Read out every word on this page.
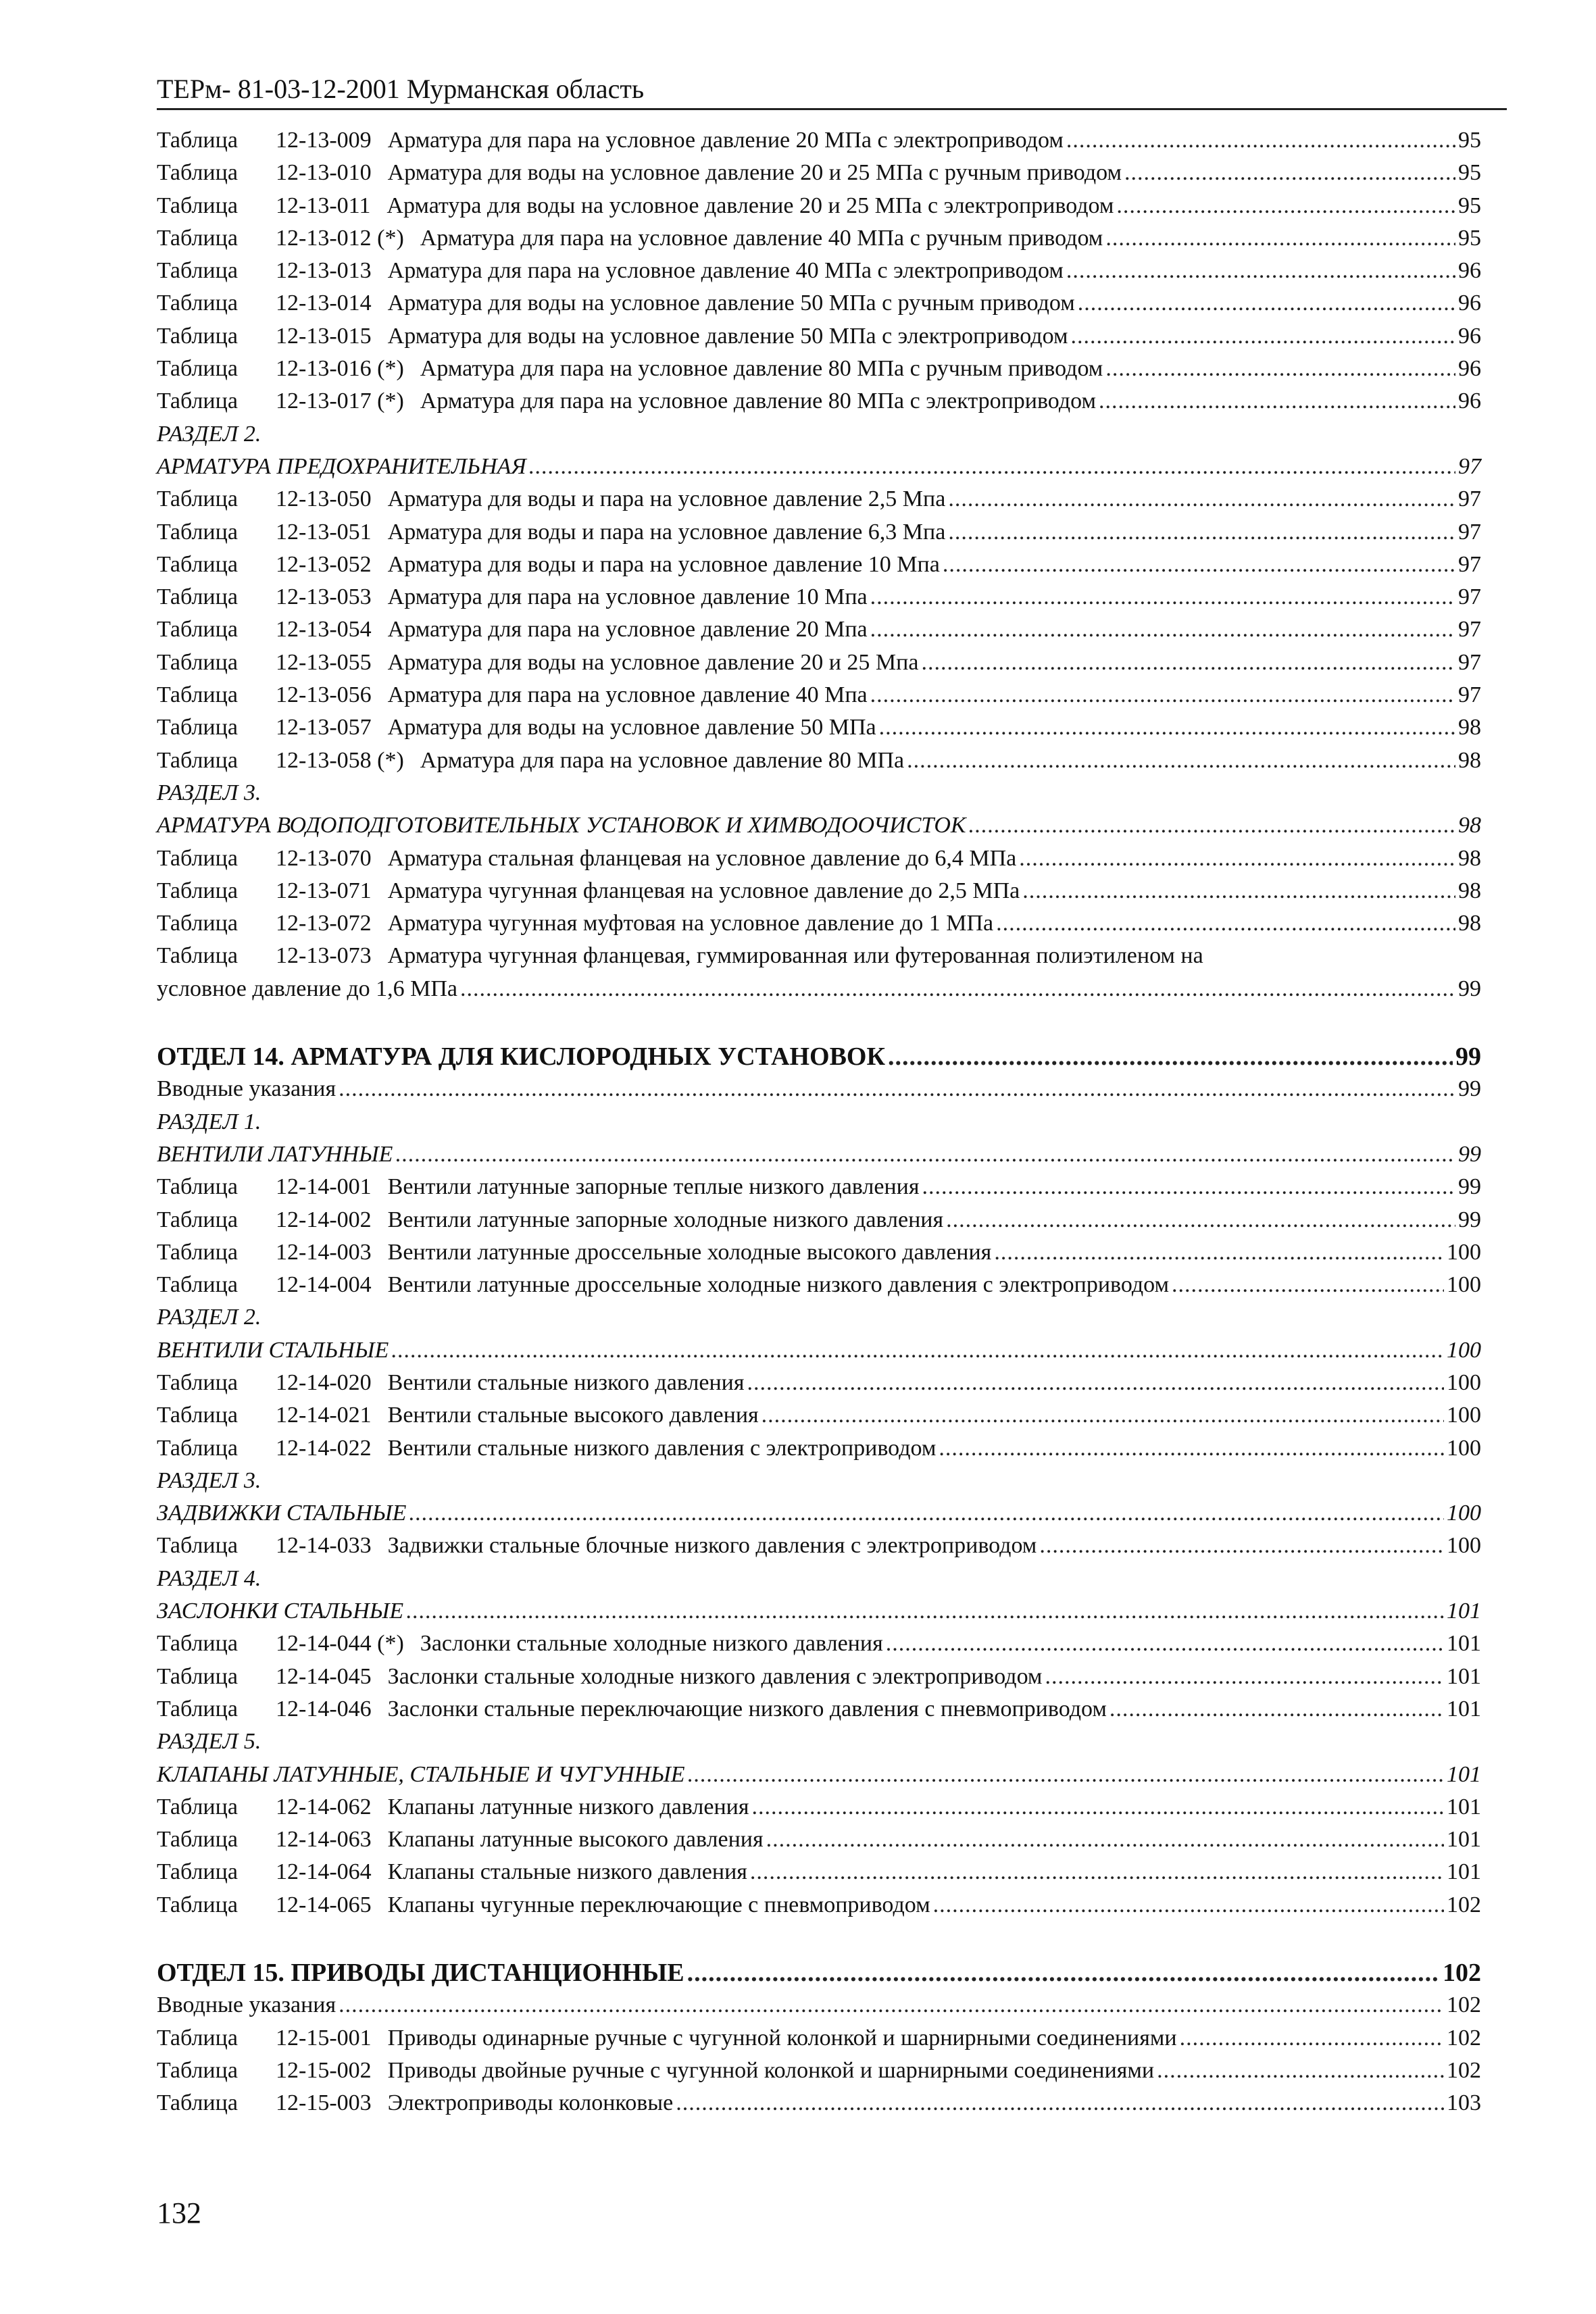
ТЕРм- 81-03-12-2001 Мурманская область
Таблица	12-13-009 Арматура для пара на условное давление 20 МПа с электроприводом .....	95
Таблица	12-13-010 Арматура для воды на условное давление 20 и 25 МПа с ручным приводом .....	95
Таблица	12-13-011 Арматура для воды на условное давление 20 и 25 МПа с электроприводом .....	95
Таблица	12-13-012 (*) Арматура для пара на условное давление 40 МПа с ручным приводом .....	95
Таблица	12-13-013 Арматура для пара на условное давление 40 МПа с электроприводом .....	96
Таблица	12-13-014 Арматура для воды на условное давление 50 МПа с ручным приводом .....	96
Таблица	12-13-015 Арматура для воды на условное давление 50 МПа с электроприводом .....	96
Таблица	12-13-016 (*) Арматура для пара на условное давление 80 МПа с ручным приводом .....	96
Таблица	12-13-017 (*) Арматура для пара на условное давление 80 МПа с электроприводом .....	96
РАЗДЕЛ 2.
АРМАТУРА ПРЕДОХРАНИТЕЛЬНАЯ .....	97
Таблица	12-13-050 Арматура для воды и пара на условное давление 2,5 Мпа .....	97
Таблица	12-13-051 Арматура для воды и пара на условное давление 6,3 Мпа .....	97
Таблица	12-13-052 Арматура для воды и пара на условное давление 10 Мпа .....	97
Таблица	12-13-053 Арматура для пара на условное давление 10 Мпа .....	97
Таблица	12-13-054 Арматура для пара на условное давление 20 Мпа .....	97
Таблица	12-13-055 Арматура для воды на условное давление 20 и 25 Мпа .....	97
Таблица	12-13-056 Арматура для пара на условное давление 40 Мпа .....	97
Таблица	12-13-057 Арматура для воды на условное давление 50 МПа .....	98
Таблица	12-13-058 (*) Арматура для пара на условное давление 80 МПа .....	98
РАЗДЕЛ 3.
АРМАТУРА ВОДОПОДГОТОВИТЕЛЬНЫХ УСТАНОВОК И ХИМВОДООЧИСТОК .....	98
Таблица	12-13-070 Арматура стальная фланцевая на условное давление до 6,4 МПа .....	98
Таблица	12-13-071 Арматура чугунная фланцевая на условное давление до 2,5 МПа .....	98
Таблица	12-13-072 Арматура чугунная муфтовая на условное давление до 1 МПа .....	98
Таблица	12-13-073 Арматура чугунная фланцевая, гуммированная или футерованная полиэтиленом на
условное давление до 1,6 МПа .....	99
ОТДЕЛ 14. АРМАТУРА ДЛЯ КИСЛОРОДНЫХ УСТАНОВОК .....	99
Вводные указания .....	99
РАЗДЕЛ 1.
ВЕНТИЛИ ЛАТУННЫЕ .....	99
Таблица	12-14-001 Вентили латунные запорные теплые низкого давления .....	99
Таблица	12-14-002 Вентили латунные запорные холодные низкого давления .....	99
Таблица	12-14-003 Вентили латунные дроссельные холодные высокого давления .....	100
Таблица	12-14-004 Вентили латунные дроссельные холодные низкого давления с электроприводом .....	100
РАЗДЕЛ 2.
ВЕНТИЛИ СТАЛЬНЫЕ .....	100
Таблица	12-14-020 Вентили стальные низкого давления .....	100
Таблица	12-14-021 Вентили стальные высокого давления .....	100
Таблица	12-14-022 Вентили стальные низкого давления с электроприводом .....	100
РАЗДЕЛ 3.
ЗАДВИЖКИ СТАЛЬНЫЕ .....	100
Таблица	12-14-033 Задвижки стальные блочные низкого давления с электроприводом .....	100
РАЗДЕЛ 4.
ЗАСЛОНКИ СТАЛЬНЫЕ .....	101
Таблица	12-14-044 (*) Заслонки стальные холодные низкого давления .....	101
Таблица	12-14-045 Заслонки стальные холодные низкого давления с электроприводом .....	101
Таблица	12-14-046 Заслонки стальные переключающие низкого давления с пневмоприводом .....	101
РАЗДЕЛ 5.
КЛАПАНЫ ЛАТУННЫЕ, СТАЛЬНЫЕ И ЧУГУННЫЕ .....	101
Таблица	12-14-062 Клапаны латунные низкого давления .....	101
Таблица	12-14-063 Клапаны латунные высокого давления .....	101
Таблица	12-14-064 Клапаны стальные низкого давления .....	101
Таблица	12-14-065 Клапаны чугунные переключающие с пневмоприводом .....	102
ОТДЕЛ 15. ПРИВОДЫ ДИСТАНЦИОННЫЕ .....	102
Вводные указания .....	102
Таблица	12-15-001 Приводы одинарные ручные с чугунной колонкой и шарнирными соединениями .....	102
Таблица	12-15-002 Приводы двойные ручные с чугунной колонкой и шарнирными соединениями .....	102
Таблица	12-15-003 Электроприводы колонковые .....	103
132
